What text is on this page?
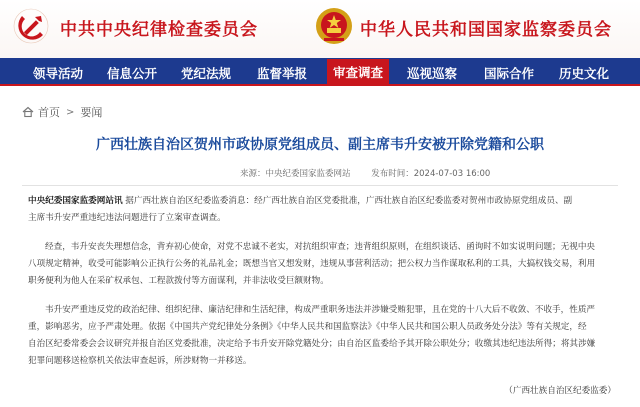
中共中央纪律检查委员会	中华人民共和国国家监察委员会
领导活动 信息公开 党纪法规 监督举报	审查调查	巡视巡察 国际合作 历史文化
首页 > 要闻
广西壮族自治区贺州市政协原党组成员、副主席韦升安被开除党籍和公职
来源：中央纪委国家监委网站 发布时间：2024-07-03 16:00
中央纪委国家监委网站讯 据广西壮族自治区纪委监委消息：经广西壮族自治区党委批准，广西壮族自治区纪委监委对贺州市政协原党组成员、副
主席韦升安严重违纪违法问题进行了立案审查调查。
经查，韦升安丧失理想信念，背弃初心使命，对党不忠诚不老实，对抗组织审查；违背组织原则，在组织谈话、函询时不如实说明问题；无视中央
八项规定精神，收受可能影响公正执行公务的礼品礼金；既想当官又想发财，违规从事营利活动；把公权力当作谋取私利的工具，大搞权钱交易，利用
职务便利为他人在采矿权承包、工程款拨付等方面谋利，并非法收受巨额财物。
韦升安严重违反党的政治纪律、组织纪律、廉洁纪律和生活纪律，构成严重职务违法并涉嫌受贿犯罪，且在党的十八大后不收敛、不收手，性质严
重，影响恶劣，应予严肃处理。依据《中国共产党纪律处分条例》《中华人民共和国监察法》《中华人民共和国公职人员政务处分法》等有关规定，经
自治区纪委常委会会议研究并报自治区党委批准，决定给予韦升安开除党籍处分；由自治区监委给予其开除公职处分；收缴其违纪违法所得；将其涉嫌
犯罪问题移送检察机关依法审查起诉，所涉财物一并移送。
（广西壮族自治区纪委监委）
